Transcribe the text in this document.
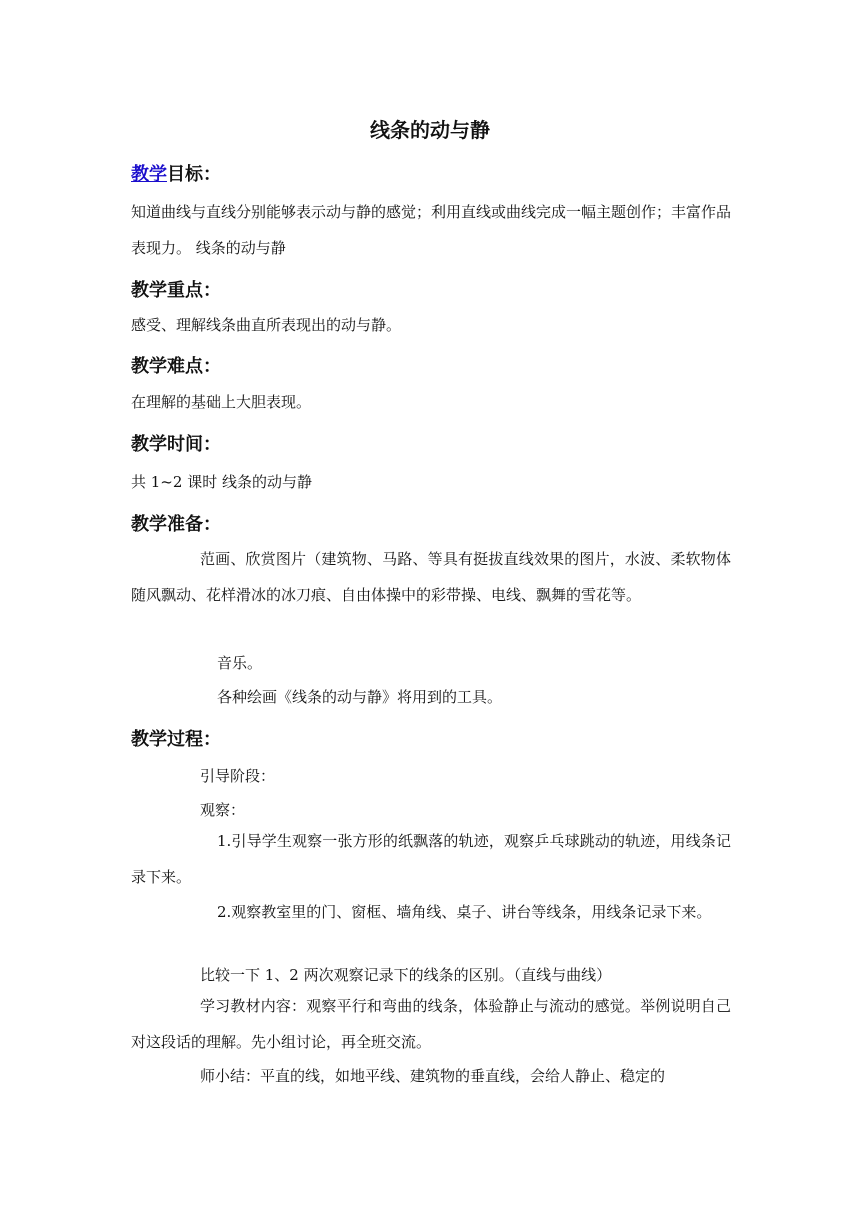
线条的动与静
教学目标：
知道曲线与直线分别能够表示动与静的感觉；利用直线或曲线完成一幅主题创作；丰富作品表现力。 线条的动与静
教学重点：
感受、理解线条曲直所表现出的动与静。
教学难点：
在理解的基础上大胆表现。
教学时间：
共 1~2 课时 线条的动与静
教学准备：
范画、欣赏图片（建筑物、马路、等具有挺拔直线效果的图片，水波、柔软物体随风飘动、花样滑冰的冰刀痕、自由体操中的彩带操、电线、飘舞的雪花等。
音乐。
各种绘画《线条的动与静》将用到的工具。
教学过程：
引导阶段：
观察：
1.引导学生观察一张方形的纸飘落的轨迹，观察乒乓球跳动的轨迹，用线条记录下来。
2.观察教室里的门、窗框、墙角线、桌子、讲台等线条，用线条记录下来。
比较一下 1、2 两次观察记录下的线条的区别。（直线与曲线）
学习教材内容：观察平行和弯曲的线条，体验静止与流动的感觉。举例说明自己对这段话的理解。先小组讨论，再全班交流。
师小结：平直的线，如地平线、建筑物的垂直线，会给人静止、稳定的
